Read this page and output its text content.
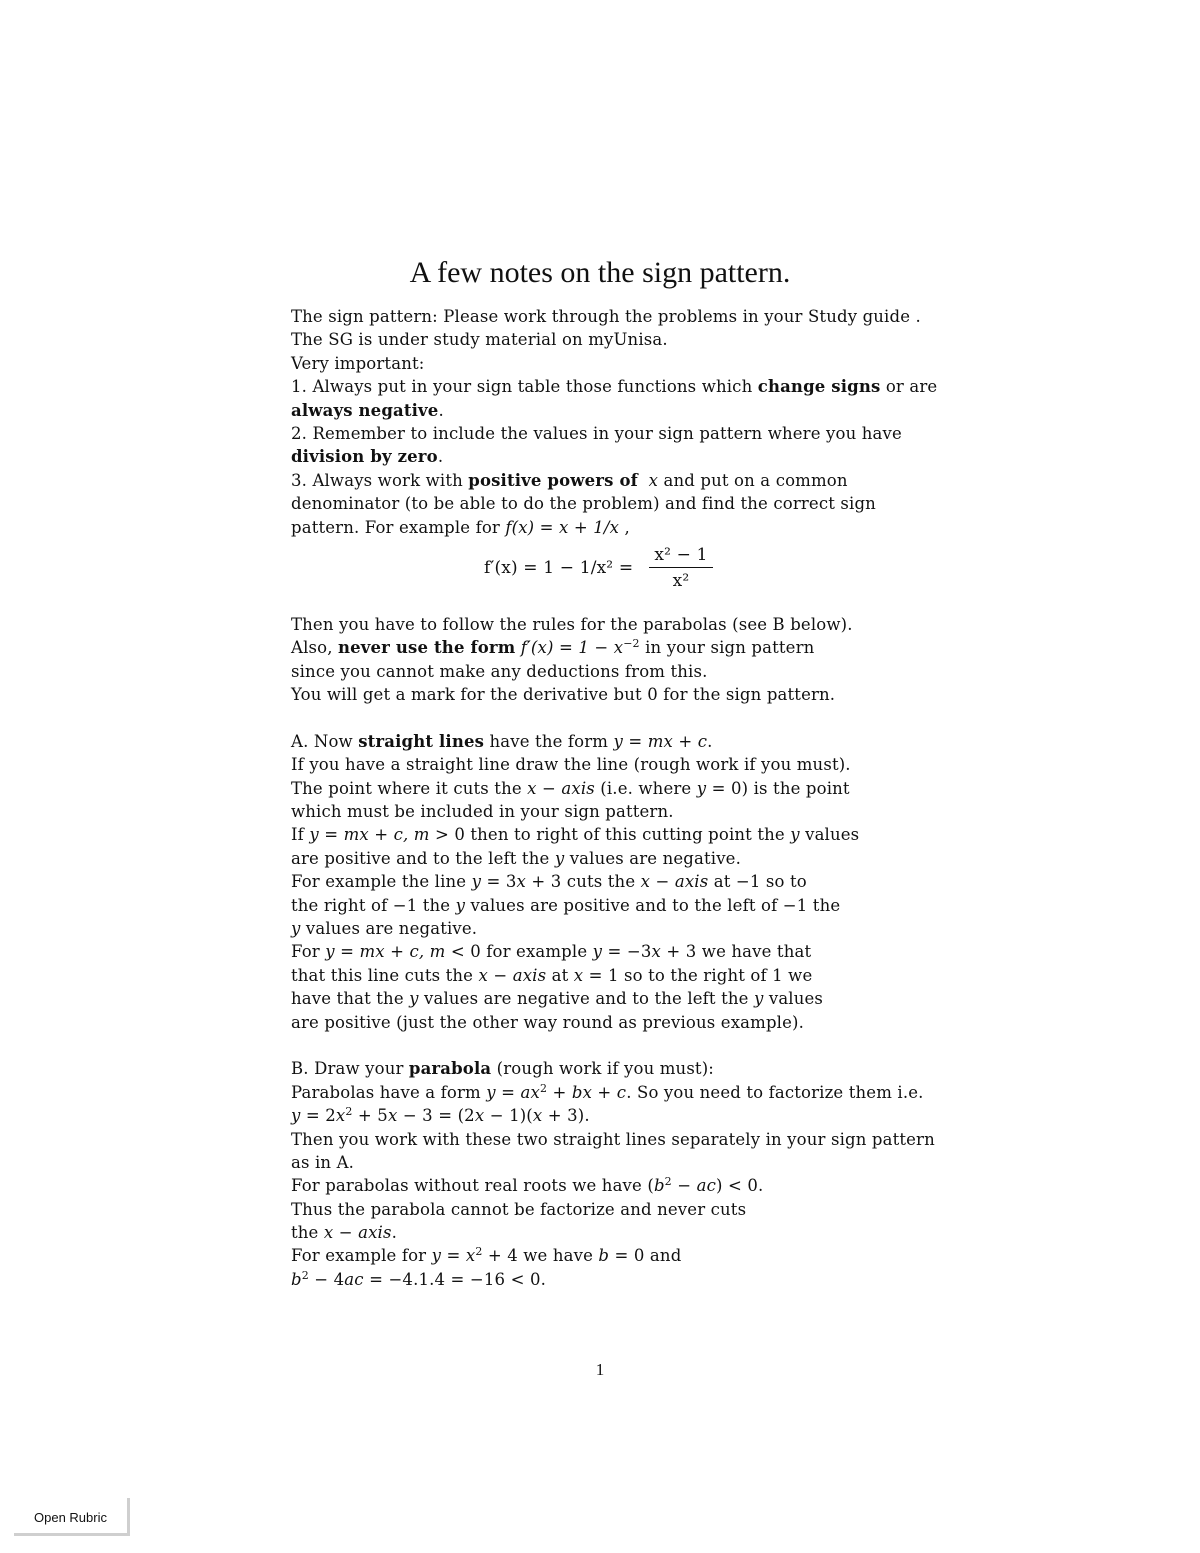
A few notes on the sign pattern.
The sign pattern: Please work through the problems in your Study guide .
The SG is under study material on myUnisa.
Very important:
1. Always put in your sign table those functions which change signs or are
always negative.
2. Remember to include the values in your sign pattern where you have
division by zero.
3. Always work with positive powers of x and put on a common
denominator (to be able to do the problem) and find the correct sign
pattern. For example for f(x) = x + 1/x ,
$f'(x) = 1 - 1/x^2 = \frac{\text{x² − 1}}{\text{x²}}$
Then you have to follow the rules for the parabolas (see B below).
Also, never use the form $f'(x) = 1 - x^{-2}$ in your sign pattern
since you cannot make any deductions from this.
You will get a mark for the derivative but 0 for the sign pattern.
A. Now straight lines have the form y = mx + c.
If you have a straight line draw the line (rough work if you must).
The point where it cuts the x − axis (i.e. where y = 0) is the point
which must be included in your sign pattern.
If y = mx + c, m > 0 then to right of this cutting point the y values
are positive and to the left the y values are negative.
For example the line y = 3x + 3 cuts the x − axis at −1 so to
the right of −1 the y values are positive and to the left of −1 the
y values are negative.
For y = mx + c, m < 0 for example y = −3x + 3 we have that
that this line cuts the x − axis at x = 1 so to the right of 1 we
have that the y values are negative and to the left the y values
are positive (just the other way round as previous example).
B. Draw your parabola (rough work if you must):
Parabolas have a form $y = ax^2$ + bx + c. So you need to factorize them i.e.
$y = 2x^2 + 5x - 3 = (2x - 1)(x + 3)$.
Then you work with these two straight lines separately in your sign pattern
as in A.
For parabolas without real roots we have $(b^2 - ac) < 0$.
Thus the parabola cannot be factorize and never cuts
the x − axis.
For example for $y = x^2 + 4$ we have b = 0 and
$b^2 - 4ac = -4.1.4 = -16 < 0$.
1
Open Rubric
